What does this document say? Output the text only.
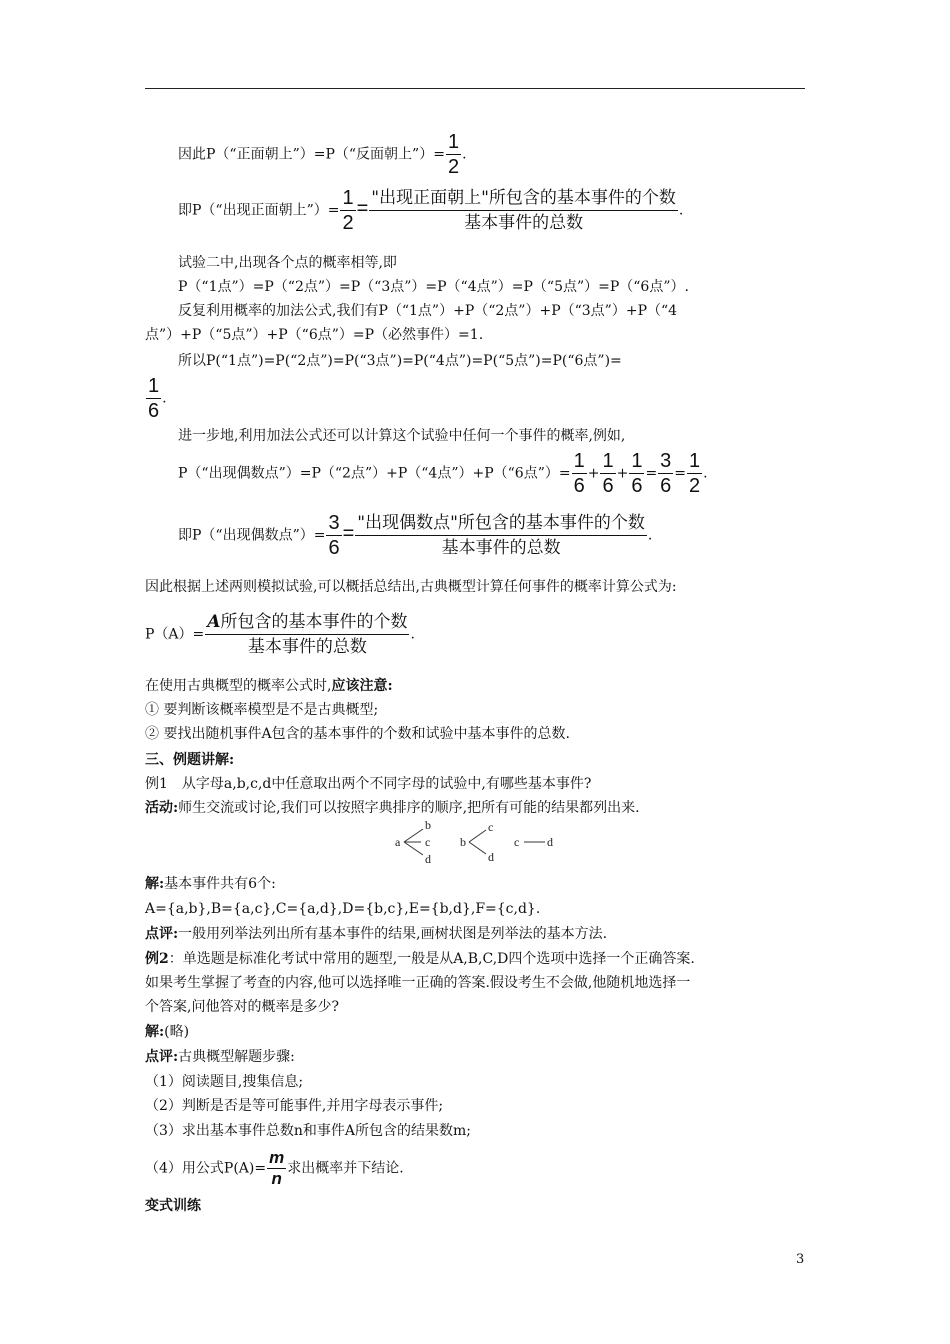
因此P（“正面朝上”）=P（“反面朝上”）= $\frac{1}{2}$ .
即P（“出现正面朝上”）= $\frac{1}{2} = \frac{\text{"出现正面朝上"所包含的基本事件的个数}}{\text{基本事件的总数}}$ .
试验二中,出现各个点的概率相等,即
P（“1点”）=P（“2点”）=P（“3点”）=P（“4点”）=P（“5点”）=P（“6点”）.
反复利用概率的加法公式,我们有P（“1点”）+P（“2点”）+P（“3点”）+P（“4
点”）+P（“5点”）+P（“6点”）=P（必然事件）=1.
所以P(“1点”)=P(“2点”)=P(“3点”)=P(“4点”)=P(“5点”)=P(“6点”)=
$\frac{1}{6}$ .
进一步地,利用加法公式还可以计算这个试验中任何一个事件的概率,例如,
P（“出现偶数点”）=P（“2点”）+P（“4点”）+P（“6点”）= $\frac{1}{6} + \frac{1}{6} + \frac{1}{6} = \frac{3}{6} = \frac{1}{2}$ .
即P（“出现偶数点”）= $\frac{3}{6} = \frac{\text{"出现偶数点"所包含的基本事件的个数}}{\text{基本事件的总数}}$ .
因此根据上述两则模拟试验,可以概括总结出,古典概型计算任何事件的概率计算公式为:
$P(A)= \frac{\text{A所包含的基本事件的个数}}{\text{基本事件的总数}}$ .
在使用古典概型的概率公式时,应该注意:
① 要判断该概率模型是不是古典概型;
② 要找出随机事件A包含的基本事件的个数和试验中基本事件的总数.
三、例题讲解:
例1　从字母a,b,c,d中任意取出两个不同字母的试验中,有哪些基本事件?
活动:师生交流或讨论,我们可以按照字典排序的顺序,把所有可能的结果都列出来.
a
b
c
d
b
c
d
c d
解:基本事件共有6个:
A={a,b},B={a,c},C={a,d},D={b,c},E={b,d},F={c,d}.
点评:一般用列举法列出所有基本事件的结果,画树状图是列举法的基本方法.
例2：单选题是标准化考试中常用的题型,一般是从A,B,C,D四个选项中选择一个正确答案.
如果考生掌握了考查的内容,他可以选择唯一正确的答案.假设考生不会做,他随机地选择一
个答案,问他答对的概率是多少?
解:(略)
点评:古典概型解题步骤:
（1）阅读题目,搜集信息;
（2）判断是否是等可能事件,并用字母表示事件;
（3）求出基本事件总数n和事件A所包含的结果数m;
（4）用公式$P(A)= \frac{m}{n}$ 求出概率并下结论.
变式训练
3
